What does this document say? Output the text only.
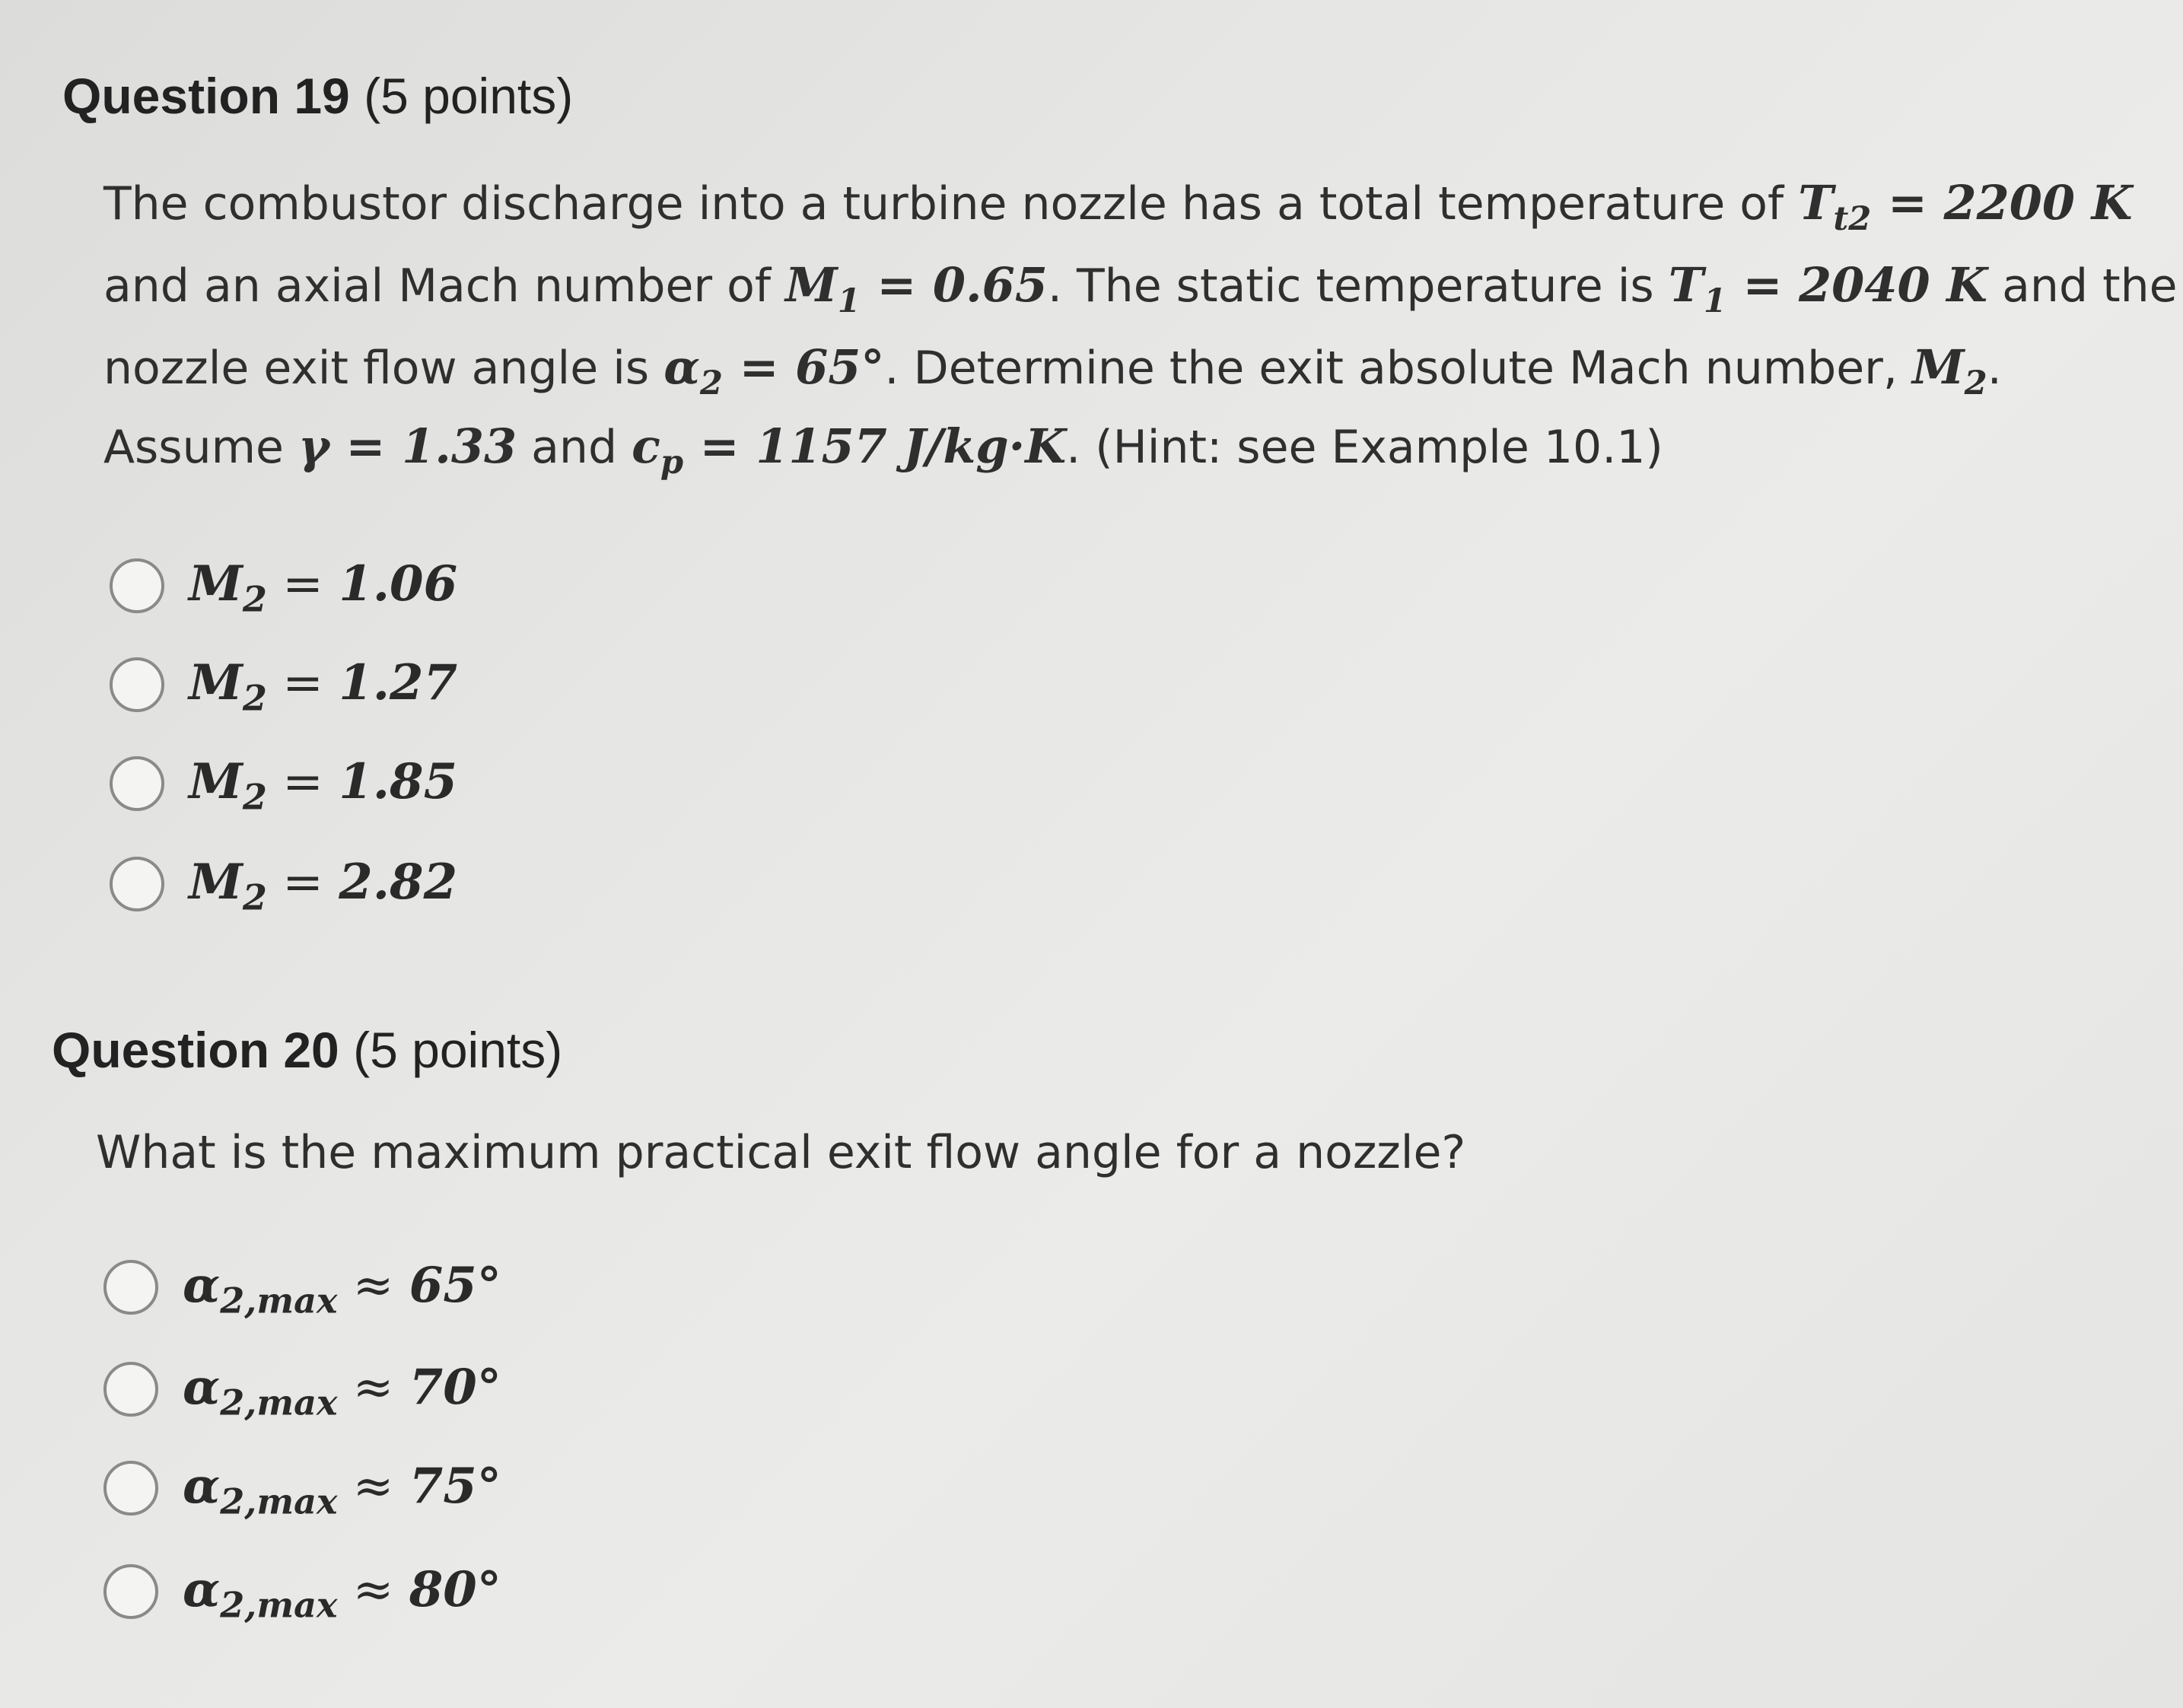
Question 19 (5 points)
The combustor discharge into a turbine nozzle has a total temperature of $T_{t2} = 2200$ K
and an axial Mach number of $M_1 = 0.65$. The static temperature is $T_1 = 2040$ K and the
nozzle exit flow angle is $\alpha_2 = 65^\circ$. Determine the exit absolute Mach number, $M_2$.
Assume γ = 1.33 and $c_p = 1157$ J/kg·K. (Hint: see Example 10.1)
$M_2 = 1.06$
$M_2 = 1.27$
$M_2 = 1.85$
$M_2 = 2.82$
Question 20 (5 points)
What is the maximum practical exit flow angle for a nozzle?
$\alpha_{2,max} \approx 65^\circ$
$\alpha_{2,max} \approx 70^\circ$
$\alpha_{2,max} \approx 75^\circ$
$\alpha_{2,max} \approx 80^\circ$
